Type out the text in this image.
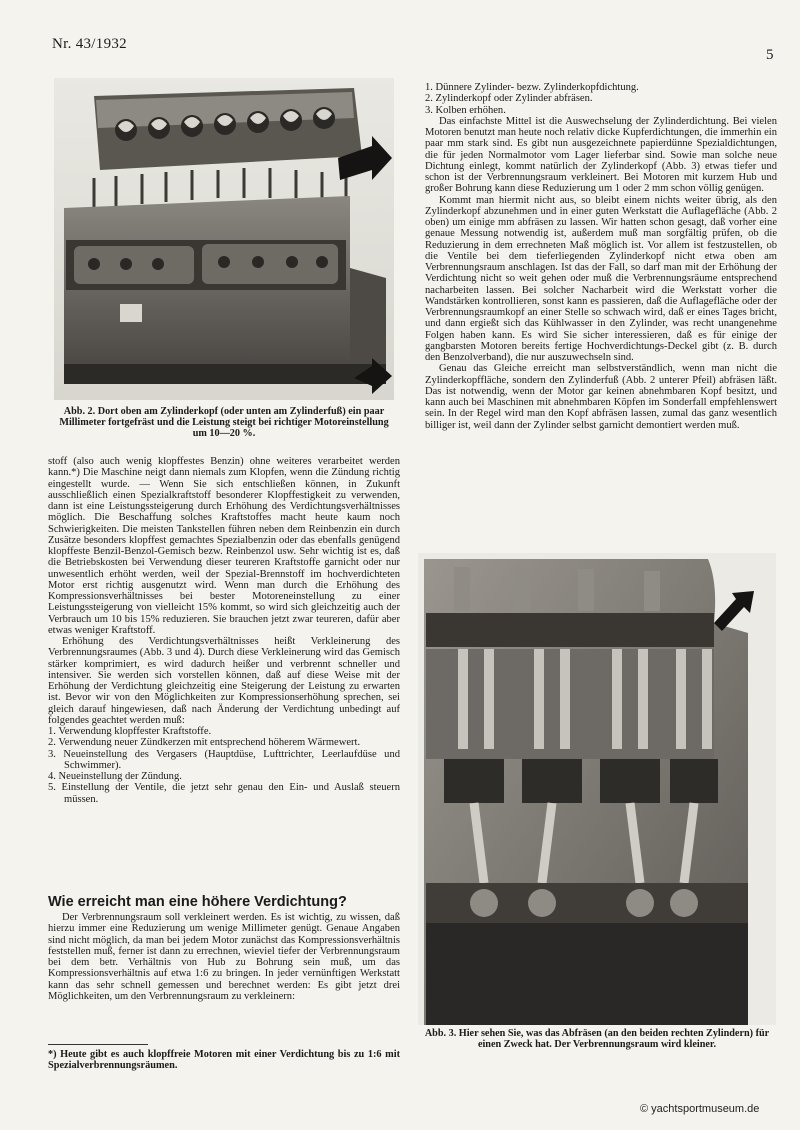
Nr. 43/1932
5
Abb. 2. Dort oben am Zylinderkopf (oder unten am Zylinderfuß) ein paar Millimeter fortgefräst und die Leistung steigt bei richtiger Motoreinstellung um 10—20 %.

stoff (also auch wenig klopffestes Benzin) ohne weiteres verarbeitet werden kann.*) Die Maschine neigt dann niemals zum Klopfen, wenn die Zündung richtig eingestellt wurde. — Wenn Sie sich entschließen können, in Zukunft ausschließlich einen Spezialkraftstoff besonderer Klopffestigkeit zu verwenden, dann ist eine Leistungssteigerung durch Erhöhung des Verdichtungsverhältnisses möglich. Die Beschaffung solches Kraftstoffes macht heute kaum noch Schwierigkeiten. Die meisten Tankstellen führen neben dem Reinbenzin ein durch Zusätze besonders klopffest gemachtes Spezialbenzin oder das ebenfalls genügend klopffeste Benzil-Benzol-Gemisch bezw. Reinbenzol usw. Sehr wichtig ist es, daß die Betriebskosten bei Verwendung dieser teureren Kraftstoffe garnicht oder nur unwesentlich erhöht werden, weil der Spezial-Brennstoff im hochverdichteten Motor erst richtig ausgenutzt wird. Wenn man durch die Erhöhung des Kompressionsverhältnisses bei bester Motoreneinstellung zu einer Leistungssteigerung von vielleicht 15% kommt, so wird sich gleichzeitig auch der Verbrauch um 10 bis 15% reduzieren. Sie brauchen jetzt zwar teureren, dafür aber etwas weniger Kraftstoff.

Erhöhung des Verdichtungsverhältnisses heißt Verkleinerung des Verbrennungsraumes (Abb. 3 und 4). Durch diese Verkleinerung wird das Gemisch stärker komprimiert, es wird dadurch heißer und verbrennt schneller und intensiver. Sie werden sich vorstellen können, daß auf diese Weise mit der Erhöhung der Verdichtung gleichzeitig eine Steigerung der Leistung zu erwarten ist. Bevor wir von den Möglichkeiten zur Kompressionserhöhung sprechen, sei gleich darauf hingewiesen, daß nach Änderung der Verdichtung unbedingt auf folgendes geachtet werden muß:

1. Verwendung klopffester Kraftstoffe.
2. Verwendung neuer Zündkerzen mit entsprechend höherem Wärmewert.
3. Neueinstellung des Vergasers (Hauptdüse, Lufttrichter, Leerlaufdüse und Schwimmer).
4. Neueinstellung der Zündung.
5. Einstellung der Ventile, die jetzt sehr genau den Ein- und Auslaß steuern müssen.
Wie erreicht man eine höhere Verdichtung?

Der Verbrennungsraum soll verkleinert werden. Es ist wichtig, zu wissen, daß hierzu immer eine Reduzierung um wenige Millimeter genügt. Genaue Angaben sind nicht möglich, da man bei jedem Motor zunächst das Kompressionsverhältnis feststellen muß, ferner ist dann zu errechnen, wieviel tiefer der Verbrennungsraum bei dem betr. Verhältnis von Hub zu Bohrung sein muß, um das Kompressionsverhältnis auf etwa 1:6 zu bringen. In jeder vernünftigen Werkstatt kann das sehr schnell gemessen und berechnet werden: Es gibt jetzt drei Möglichkeiten, um den Verbrennungsraum zu verkleinern:

*) Heute gibt es auch klopffreie Motoren mit einer Verdichtung bis zu 1:6 mit Spezialverbrennungsräumen.
1. Dünnere Zylinder- bezw. Zylinderkopfdichtung.
2. Zylinderkopf oder Zylinder abfräsen.
3. Kolben erhöhen.

Das einfachste Mittel ist die Auswechselung der Zylinderdichtung. Bei vielen Motoren benutzt man heute noch relativ dicke Kupferdichtungen, die immerhin ein paar mm stark sind. Es gibt nun ausgezeichnete papierdünne Spezialdichtungen, die für jeden Normalmotor vom Lager lieferbar sind. Sowie man solche neue Dichtung einlegt, kommt natürlich der Zylinderkopf (Abb. 3) etwas tiefer und schon ist der Verbrennungsraum verkleinert. Bei Motoren mit kurzem Hub und großer Bohrung kann diese Reduzierung um 1 oder 2 mm schon völlig genügen.

Kommt man hiermit nicht aus, so bleibt einem nichts weiter übrig, als den Zylinderkopf abzunehmen und in einer guten Werkstatt die Auflagefläche (Abb. 2 oben) um einige mm abfräsen zu lassen. Wir hatten schon gesagt, daß vorher eine genaue Messung notwendig ist, außerdem muß man sorgfältig prüfen, ob die Reduzierung in dem errechneten Maß möglich ist. Vor allem ist festzustellen, ob die Ventile bei dem tieferliegenden Zylinderkopf nicht etwa oben am Verbrennungsraum anschlagen. Ist das der Fall, so darf man mit der Erhöhung der Verdichtung nicht so weit gehen oder muß die Verbrennungsräume entsprechend nacharbeiten lassen. Bei solcher Nacharbeit wird die Werkstatt vorher die Wandstärken kontrollieren, sonst kann es passieren, daß die Auflagefläche oder der Verbrennungsraumkopf an einer Stelle so schwach wird, daß er eines Tages bricht, und dann ergießt sich das Kühlwasser in den Zylinder, was recht unangenehme Folgen haben kann. Es wird Sie sicher interessieren, daß es für einige der gangbarsten Motoren bereits fertige Hochverdichtungs-Deckel gibt (z. B. durch den Benzolverband), die nur auszuwechseln sind.

Genau das Gleiche erreicht man selbstverständlich, wenn man nicht die Zylinderkopffläche, sondern den Zylinderfuß (Abb. 2 unterer Pfeil) abfräsen läßt. Das ist notwendig, wenn der Motor gar keinen abnehmbaren Kopf besitzt, und kann auch bei Maschinen mit abnehmbaren Köpfen im Sonderfall empfehlenswert sein. In der Regel wird man den Kopf abfräsen lassen, zumal das ganz wesentlich billiger ist, weil dann der Zylinder selbst garnicht demontiert werden muß.

Abb. 3. Hier sehen Sie, was das Abfräsen (an den beiden rechten Zylindern) für einen Zweck hat. Der Verbrennungsraum wird kleiner.
© yachtsportmuseum.de
